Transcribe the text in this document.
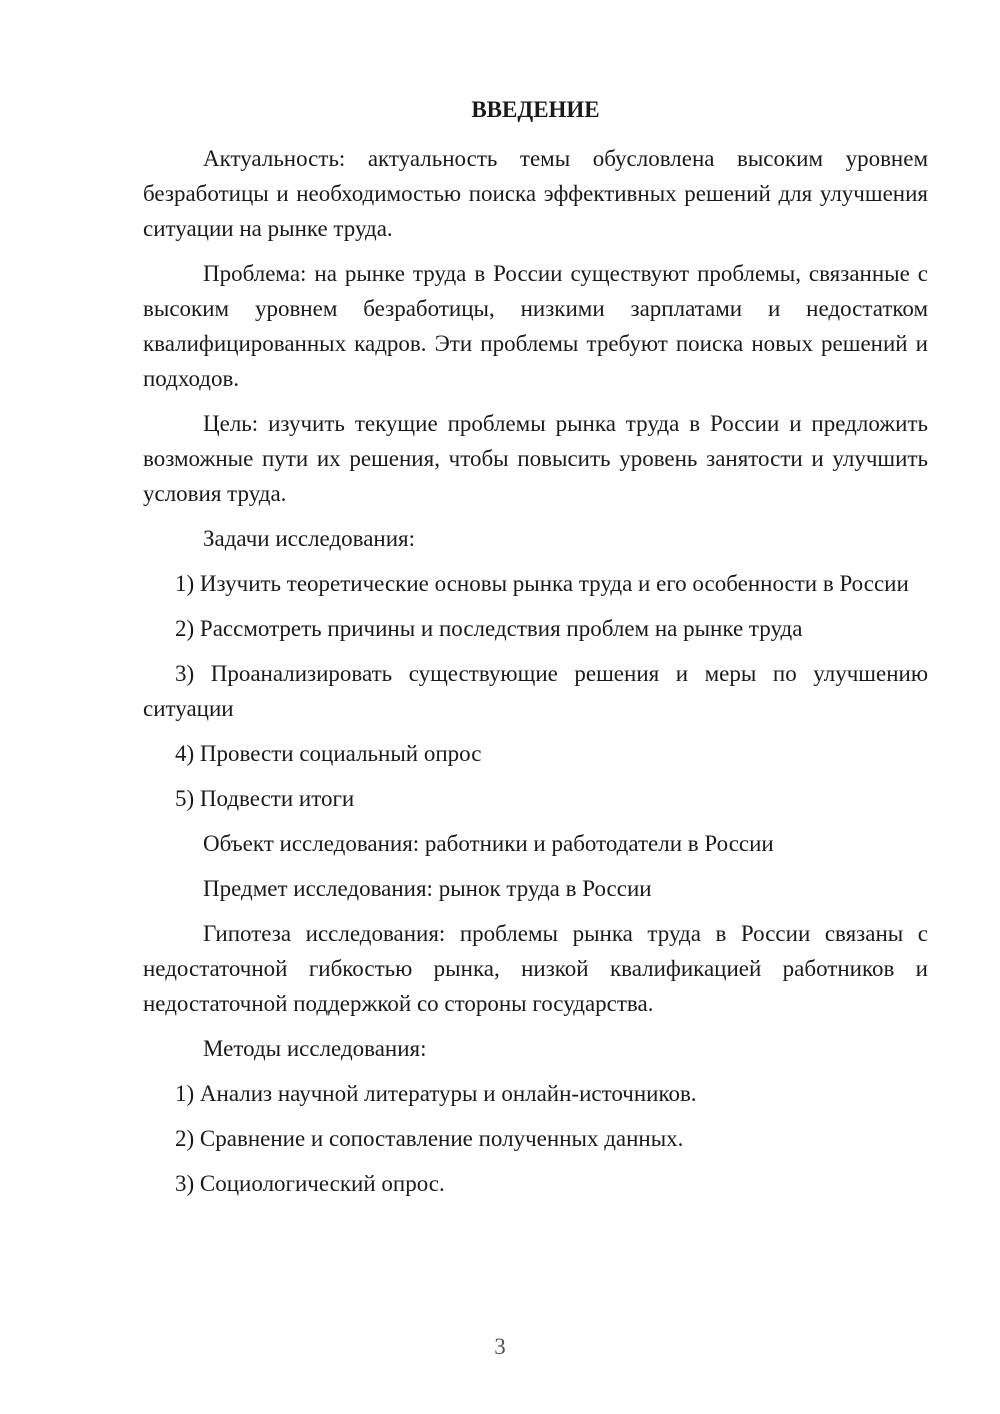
ВВЕДЕНИЕ

Актуальность: актуальность темы обусловлена высоким уровнем безработицы и необходимостью поиска эффективных решений для улучшения ситуации на рынке труда.

Проблема: на рынке труда в России существуют проблемы, связанные с высоким уровнем безработицы, низкими зарплатами и недостатком квалифицированных кадров. Эти проблемы требуют поиска новых решений и подходов.

Цель: изучить текущие проблемы рынка труда в России и предложить возможные пути их решения, чтобы повысить уровень занятости и улучшить условия труда.

Задачи исследования:

1) Изучить теоретические основы рынка труда и его особенности в России

2) Рассмотреть причины и последствия проблем на рынке труда

3) Проанализировать существующие решения и меры по улучшению ситуации

4) Провести социальный опрос

5) Подвести итоги

Объект исследования: работники и работодатели в России

Предмет исследования: рынок труда в России

Гипотеза исследования: проблемы рынка труда в России связаны с недостаточной гибкостью рынка, низкой квалификацией работников и недостаточной поддержкой со стороны государства.

Методы исследования:

1) Анализ научной литературы и онлайн-источников.

2) Сравнение и сопоставление полученных данных.

3) Социологический опрос.

3
